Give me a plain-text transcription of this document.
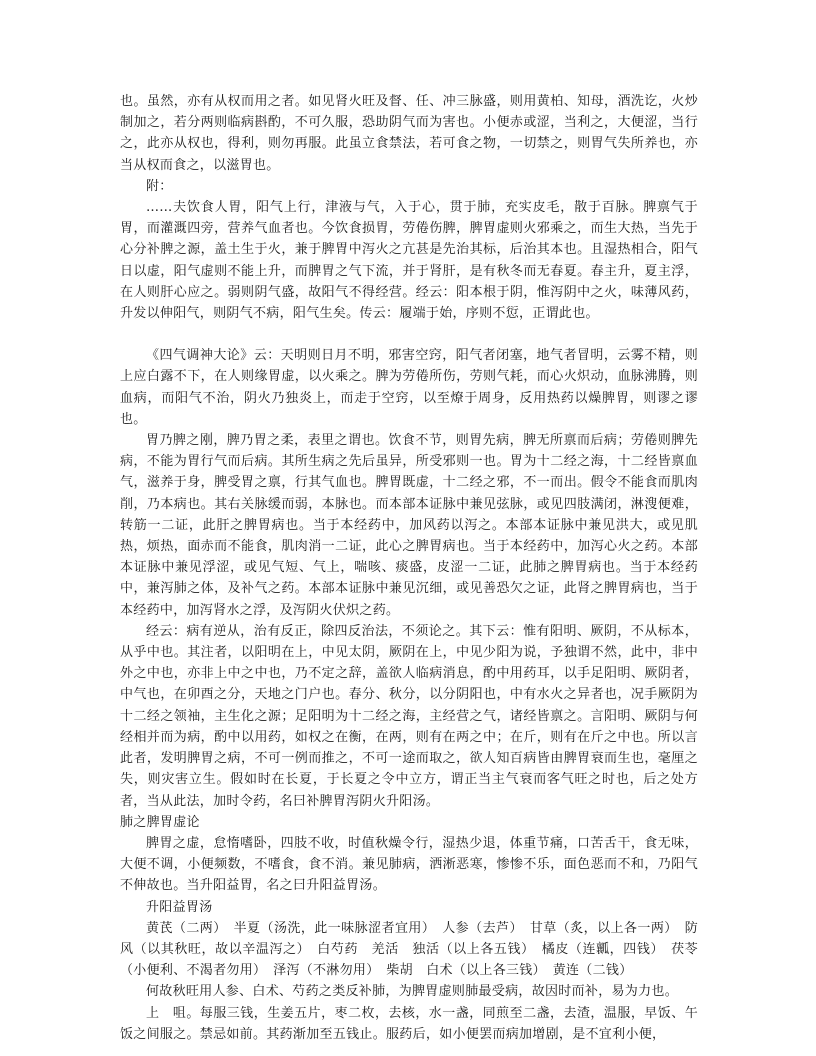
也。虽然，亦有从权而用之者。如见肾火旺及督、任、冲三脉盛，则用黄柏、知母，酒洗讫，火炒制加之，若分两则临病斟酌，不可久服，恐助阴气而为害也。小便赤或涩，当利之，大便涩，当行之，此亦从权也，得利，则勿再服。此虽立食禁法，若可食之物，一切禁之，则胃气失所养也，亦当从权而食之，以滋胃也。

附：

……夫饮食人胃，阳气上行，津液与气，入于心，贯于肺，充实皮毛，散于百脉。脾禀气于胃，而灌溉四旁，营养气血者也。今饮食损胃，劳倦伤脾，脾胃虚则火邪乘之，而生大热，当先于心分补脾之源，盖土生于火，兼于脾胃中泻火之亢甚是先治其标，后治其本也。且湿热相合，阳气日以虚，阳气虚则不能上升，而脾胃之气下流，并于肾肝，是有秋冬而无春夏。春主升，夏主浮，在人则肝心应之。弱则阴气盛，故阳气不得经营。经云：阳本根于阴，惟泻阴中之火，味薄风药，升发以伸阳气，则阴气不病，阳气生矣。传云：履端于始，序则不愆，正谓此也。

《四气调神大论》云：天明则日月不明，邪害空窍，阳气者闭塞，地气者冒明，云雾不精，则上应白露不下，在人则缘胃虚，以火乘之。脾为劳倦所伤，劳则气耗，而心火炽动，血脉沸腾，则血病，而阳气不治，阴火乃独炎上，而走于空窍，以至燎于周身，反用热药以燥脾胃，则谬之谬也。

胃乃脾之刚，脾乃胃之柔，表里之谓也。饮食不节，则胃先病，脾无所禀而后病；劳倦则脾先病，不能为胃行气而后病。其所生病之先后虽异，所受邪则一也。胃为十二经之海，十二经皆禀血气，滋养于身，脾受胃之禀，行其气血也。脾胃既虚，十二经之邪，不一而出。假令不能食而肌肉削，乃本病也。其右关脉缓而弱，本脉也。而本部本证脉中兼见弦脉，或见四肢满闭，淋溲便难，转筋一二证，此肝之脾胃病也。当于本经药中，加风药以泻之。本部本证脉中兼见洪大，或见肌热，烦热，面赤而不能食，肌肉消一二证，此心之脾胃病也。当于本经药中，加泻心火之药。本部本证脉中兼见浮涩，或见气短、气上，喘咳、痰盛，皮涩一二证，此肺之脾胃病也。当于本经药中，兼泻肺之体，及补气之药。本部本证脉中兼见沉细，或见善恐欠之证，此肾之脾胃病也，当于本经药中，加泻肾水之浮，及泻阴火伏炽之药。

经云：病有逆从，治有反正，除四反治法，不须论之。其下云：惟有阳明、厥阴，不从标本，从乎中也。其注者，以阳明在上，中见太阴，厥阴在上，中见少阳为说，予独谓不然，此中，非中外之中也，亦非上中之中也，乃不定之辞，盖欲人临病消息，酌中用药耳，以手足阳明、厥阴者，中气也，在卯酉之分，天地之门户也。春分、秋分，以分阴阳也，中有水火之异者也，况手厥阴为十二经之领袖，主生化之源；足阳明为十二经之海，主经营之气，诸经皆禀之。言阳明、厥阴与何经相并而为病，酌中以用药，如权之在衡，在两，则有在两之中；在斤，则有在斤之中也。所以言此者，发明脾胃之病，不可一例而推之，不可一途而取之，欲人知百病皆由脾胃衰而生也，毫厘之失，则灾害立生。假如时在长夏，于长夏之令中立方，谓正当主气衰而客气旺之时也，后之处方者，当从此法，加时令药，名曰补脾胃泻阴火升阳汤。

肺之脾胃虚论

脾胃之虚，怠惰嗜卧，四肢不收，时值秋燥令行，湿热少退，体重节痛，口苦舌干，食无味，大便不调，小便频数，不嗜食，食不消。兼见肺病，洒淅恶寒，惨惨不乐，面色恶而不和，乃阳气不伸故也。当升阳益胃，名之曰升阳益胃汤。

升阳益胃汤

黄芪（二两）　半夏（汤洗，此一味脉涩者宜用）　人参（去芦）　甘草（炙，以上各一两）　防风（以其秋旺，故以辛温泻之）　白芍药　羌活　独活（以上各五钱）　橘皮（连瓤，四钱）　茯苓（小便利、不渴者勿用）　泽泻（不淋勿用）　柴胡　白术（以上各三钱）　黄连（二钱）

何故秋旺用人参、白术、芍药之类反补肺，为脾胃虚则肺最受病，故因时而补，易为力也。

上　咀。每服三钱，生姜五片，枣二枚，去核，水一盏，同煎至二盏，去渣，温服，早饭、午饭之间服之。禁忌如前。其药渐加至五钱止。服药后，如小便罢而病加增剧，是不宜利小便，
